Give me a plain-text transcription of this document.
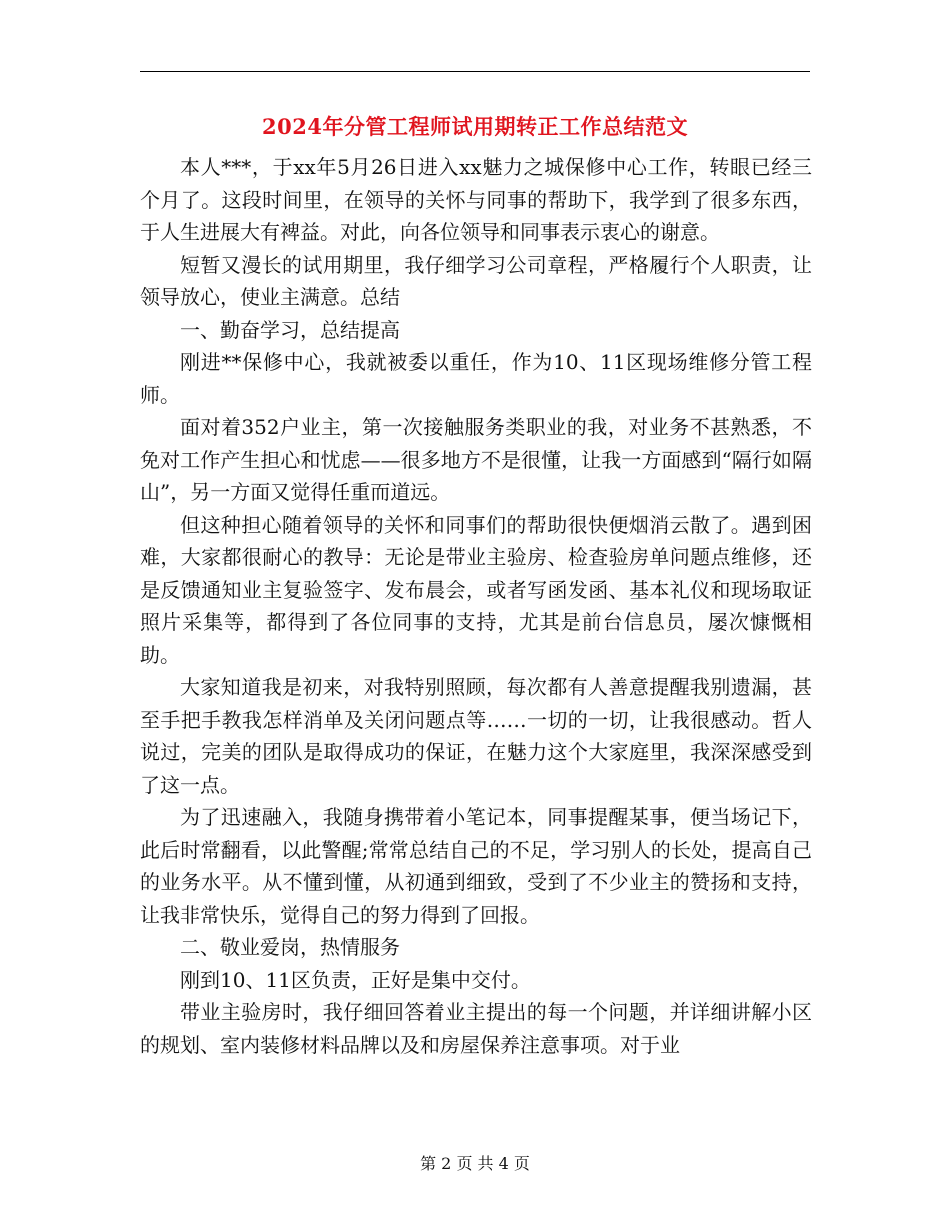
2024年分管工程师试用期转正工作总结范文

本人***，于xx年5月26日进入xx魅力之城保修中心工作，转眼已经三个月了。这段时间里，在领导的关怀与同事的帮助下，我学到了很多东西，于人生进展大有裨益。对此，向各位领导和同事表示衷心的谢意。

短暂又漫长的试用期里，我仔细学习公司章程，严格履行个人职责，让领导放心，使业主满意。总结

一、勤奋学习，总结提高

刚进**保修中心，我就被委以重任，作为10、11区现场维修分管工程师。

面对着352户业主，第一次接触服务类职业的我，对业务不甚熟悉，不免对工作产生担心和忧虑——很多地方不是很懂，让我一方面感到“隔行如隔山”，另一方面又觉得任重而道远。

但这种担心随着领导的关怀和同事们的帮助很快便烟消云散了。遇到困难，大家都很耐心的教导：无论是带业主验房、检查验房单问题点维修，还是反馈通知业主复验签字、发布晨会，或者写函发函、基本礼仪和现场取证照片采集等，都得到了各位同事的支持，尤其是前台信息员，屡次慷慨相助。

大家知道我是初来，对我特别照顾，每次都有人善意提醒我别遗漏，甚至手把手教我怎样消单及关闭问题点等……一切的一切，让我很感动。哲人说过，完美的团队是取得成功的保证，在魅力这个大家庭里，我深深感受到了这一点。

为了迅速融入，我随身携带着小笔记本，同事提醒某事，便当场记下，此后时常翻看，以此警醒;常常总结自己的不足，学习别人的长处，提高自己的业务水平。从不懂到懂，从初通到细致，受到了不少业主的赞扬和支持，让我非常快乐，觉得自己的努力得到了回报。

二、敬业爱岗，热情服务

刚到10、11区负责，正好是集中交付。

带业主验房时，我仔细回答着业主提出的每一个问题，并详细讲解小区的规划、室内装修材料品牌以及和房屋保养注意事项。对于业

第 2 页 共 4 页
